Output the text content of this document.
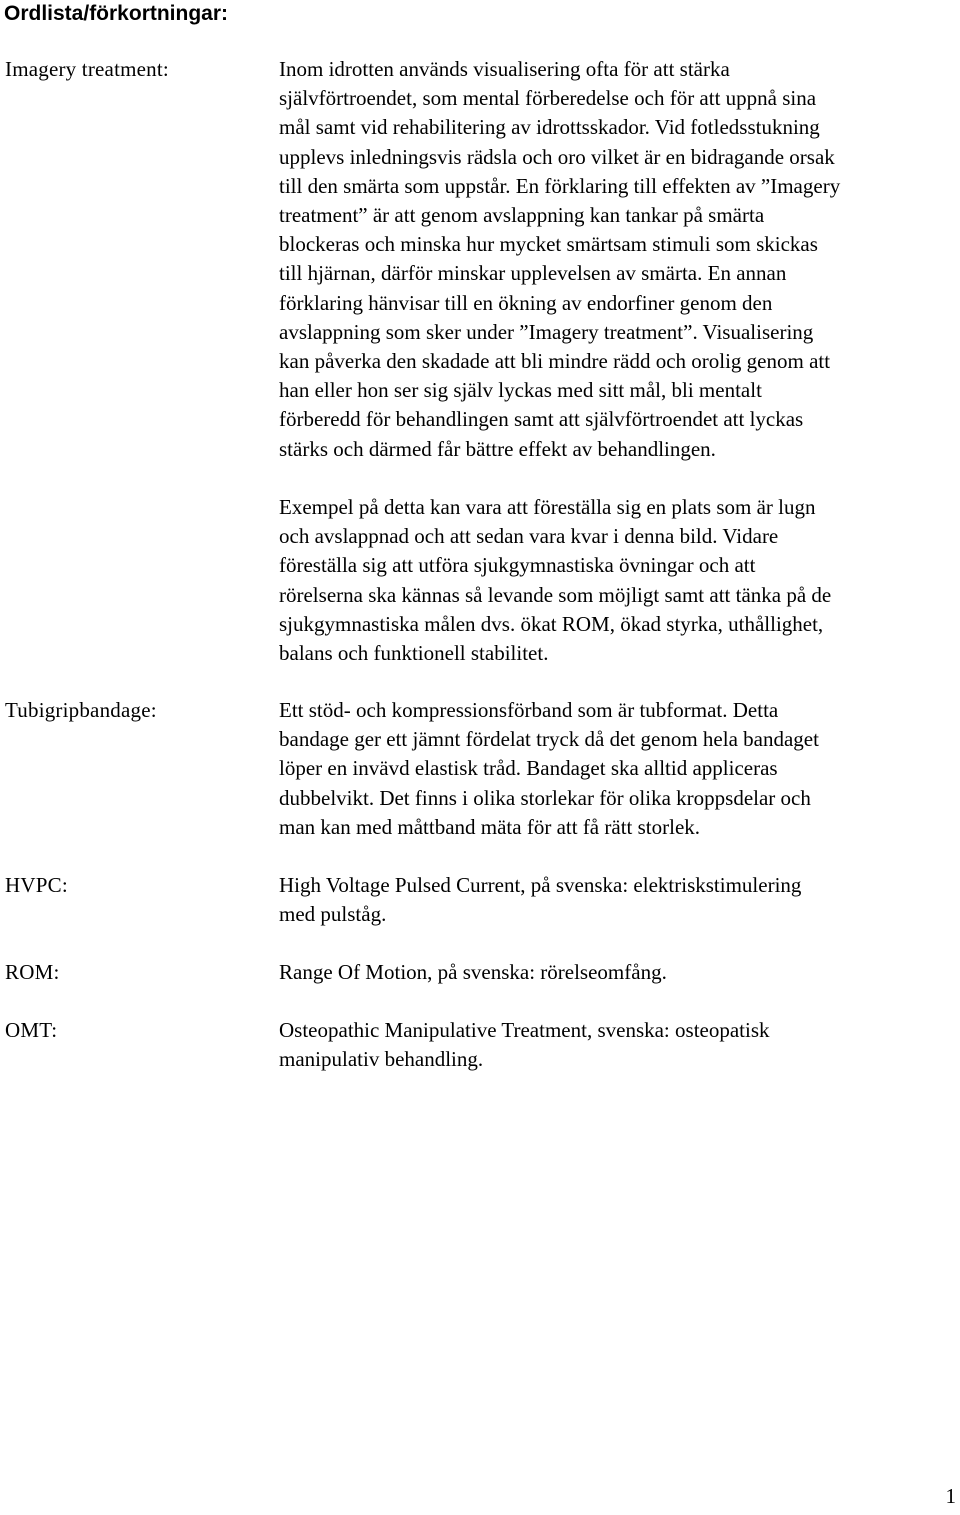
Ordlista/förkortningar:
Imagery treatment:	Inom idrotten används visualisering ofta för att stärka
självförtroendet, som mental förberedelse och för att uppnå sina
mål samt vid rehabilitering av idrottsskador. Vid fotledsstukning
upplevs inledningsvis rädsla och oro vilket är en bidragande orsak
till den smärta som uppstår. En förklaring till effekten av ”Imagery
treatment” är att genom avslappning kan tankar på smärta
blockeras och minska hur mycket smärtsam stimuli som skickas
till hjärnan, därför minskar upplevelsen av smärta. En annan
förklaring hänvisar till en ökning av endorfiner genom den
avslappning som sker under ”Imagery treatment”. Visualisering
kan påverka den skadade att bli mindre rädd och orolig genom att
han eller hon ser sig själv lyckas med sitt mål, bli mentalt
förberedd för behandlingen samt att självförtroendet att lyckas
stärks och därmed får bättre effekt av behandlingen.

Exempel på detta kan vara att föreställa sig en plats som är lugn
och avslappnad och att sedan vara kvar i denna bild. Vidare
föreställa sig att utföra sjukgymnastiska övningar och att
rörelserna ska kännas så levande som möjligt samt att tänka på de
sjukgymnastiska målen dvs. ökat ROM, ökad styrka, uthållighet,
balans och funktionell stabilitet.

Tubigripbandage:	Ett stöd- och kompressionsförband som är tubformat. Detta
bandage ger ett jämnt fördelat tryck då det genom hela bandaget
löper en invävd elastisk tråd. Bandaget ska alltid appliceras
dubbelvikt. Det finns i olika storlekar för olika kroppsdelar och
man kan med måttband mäta för att få rätt storlek.

HVPC:	High Voltage Pulsed Current, på svenska: elektriskstimulering
med pulståg.

ROM:	Range Of Motion, på svenska: rörelseomfång.

OMT:	Osteopathic Manipulative Treatment, svenska: osteopatisk
manipulativ behandling.

1
